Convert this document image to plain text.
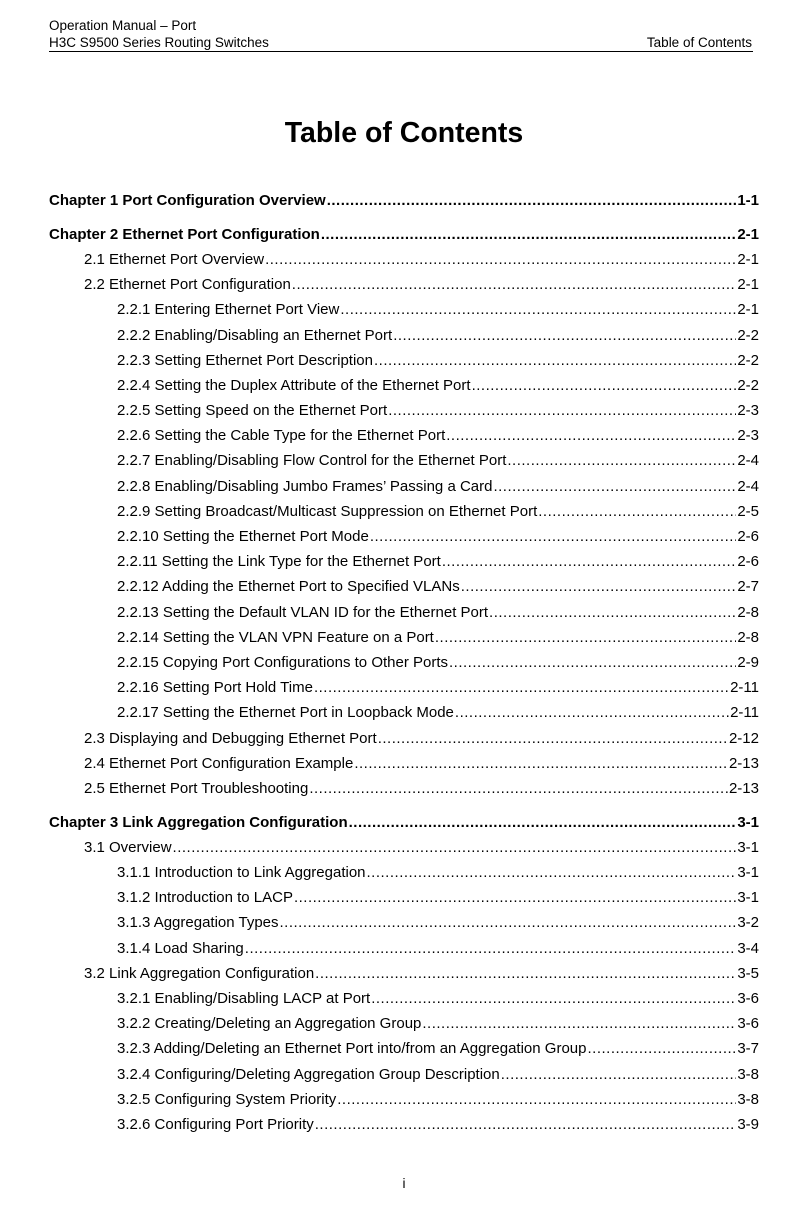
Operation Manual – Port
H3C S9500 Series Routing Switches	Table of Contents
Table of Contents
Chapter 1 Port Configuration Overview .....	1-1
Chapter 2 Ethernet Port Configuration .....	2-1
2.1 Ethernet Port Overview .....	2-1
2.2 Ethernet Port Configuration .....	2-1
2.2.1 Entering Ethernet Port View .....	2-1
2.2.2 Enabling/Disabling an Ethernet Port .....	2-2
2.2.3 Setting Ethernet Port Description .....	2-2
2.2.4 Setting the Duplex Attribute of the Ethernet Port .....	2-2
2.2.5 Setting Speed on the Ethernet Port .....	2-3
2.2.6 Setting the Cable Type for the Ethernet Port .....	2-3
2.2.7 Enabling/Disabling Flow Control for the Ethernet Port .....	2-4
2.2.8 Enabling/Disabling Jumbo Frames’ Passing a Card .....	2-4
2.2.9 Setting Broadcast/Multicast Suppression on Ethernet Port .....	2-5
2.2.10 Setting the Ethernet Port Mode .....	2-6
2.2.11 Setting the Link Type for the Ethernet Port .....	2-6
2.2.12 Adding the Ethernet Port to Specified VLANs .....	2-7
2.2.13 Setting the Default VLAN ID for the Ethernet Port .....	2-8
2.2.14 Setting the VLAN VPN Feature on a Port .....	2-8
2.2.15 Copying Port Configurations to Other Ports .....	2-9
2.2.16 Setting Port Hold Time .....	2-11
2.2.17 Setting the Ethernet Port in Loopback Mode .....	2-11
2.3 Displaying and Debugging Ethernet Port .....	2-12
2.4 Ethernet Port Configuration Example .....	2-13
2.5 Ethernet Port Troubleshooting .....	2-13
Chapter 3 Link Aggregation Configuration .....	3-1
3.1 Overview .....	3-1
3.1.1 Introduction to Link Aggregation .....	3-1
3.1.2 Introduction to LACP .....	3-1
3.1.3 Aggregation Types .....	3-2
3.1.4 Load Sharing .....	3-4
3.2 Link Aggregation Configuration .....	3-5
3.2.1 Enabling/Disabling LACP at Port .....	3-6
3.2.2 Creating/Deleting an Aggregation Group .....	3-6
3.2.3 Adding/Deleting an Ethernet Port into/from an Aggregation Group .....	3-7
3.2.4 Configuring/Deleting Aggregation Group Description .....	3-8
3.2.5 Configuring System Priority .....	3-8
3.2.6 Configuring Port Priority .....	3-9
i
